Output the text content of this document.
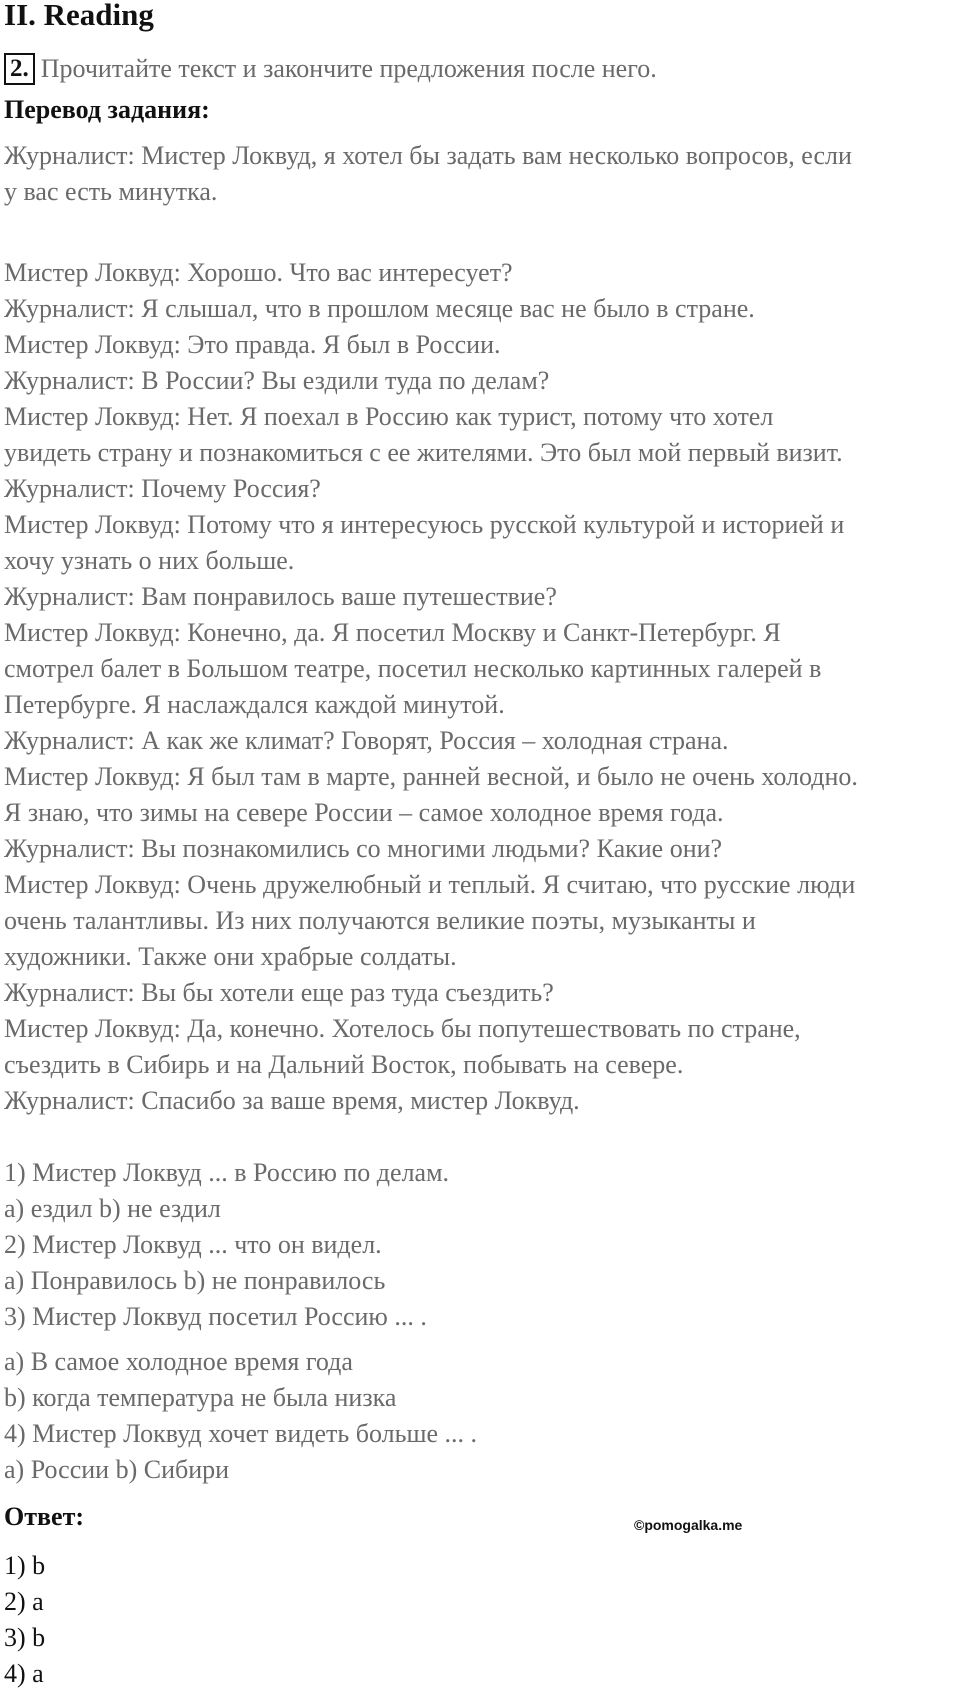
II. Reading
2. Прочитайте текст и закончите предложения после него.
Перевод задания:
Журналист: Мистер Локвуд, я хотел бы задать вам несколько вопросов, если
у вас есть минутка.
Мистер Локвуд: Хорошо. Что вас интересует?
Журналист: Я слышал, что в прошлом месяце вас не было в стране.
Мистер Локвуд: Это правда. Я был в России.
Журналист: В России? Вы ездили туда по делам?
Мистер Локвуд: Нет. Я поехал в Россию как турист, потому что хотел
увидеть страну и познакомиться с ее жителями. Это был мой первый визит.
Журналист: Почему Россия?
Мистер Локвуд: Потому что я интересуюсь русской культурой и историей и
хочу узнать о них больше.
Журналист: Вам понравилось ваше путешествие?
Мистер Локвуд: Конечно, да. Я посетил Москву и Санкт-Петербург. Я
смотрел балет в Большом театре, посетил несколько картинных галерей в
Петербурге. Я наслаждался каждой минутой.
Журналист: А как же климат? Говорят, Россия – холодная страна.
Мистер Локвуд: Я был там в марте, ранней весной, и было не очень холодно.
Я знаю, что зимы на севере России – самое холодное время года.
Журналист: Вы познакомились со многими людьми? Какие они?
Мистер Локвуд: Очень дружелюбный и теплый. Я считаю, что русские люди
очень талантливы. Из них получаются великие поэты, музыканты и
художники. Также они храбрые солдаты.
Журналист: Вы бы хотели еще раз туда съездить?
Мистер Локвуд: Да, конечно. Хотелось бы попутешествовать по стране,
съездить в Сибирь и на Дальний Восток, побывать на севере.
Журналист: Спасибо за ваше время, мистер Локвуд.
1) Мистер Локвуд ... в Россию по делам.
a) ездил b) не ездил
2) Мистер Локвуд ... что он видел.
a) Понравилось b) не понравилось
3) Мистер Локвуд посетил Россию ... .
a) В самое холодное время года
b) когда температура не была низка
4) Мистер Локвуд хочет видеть больше ... .
a) России b) Сибири
Ответ:
1) b
2) a
3) b
4) a
©pomogalka.me
